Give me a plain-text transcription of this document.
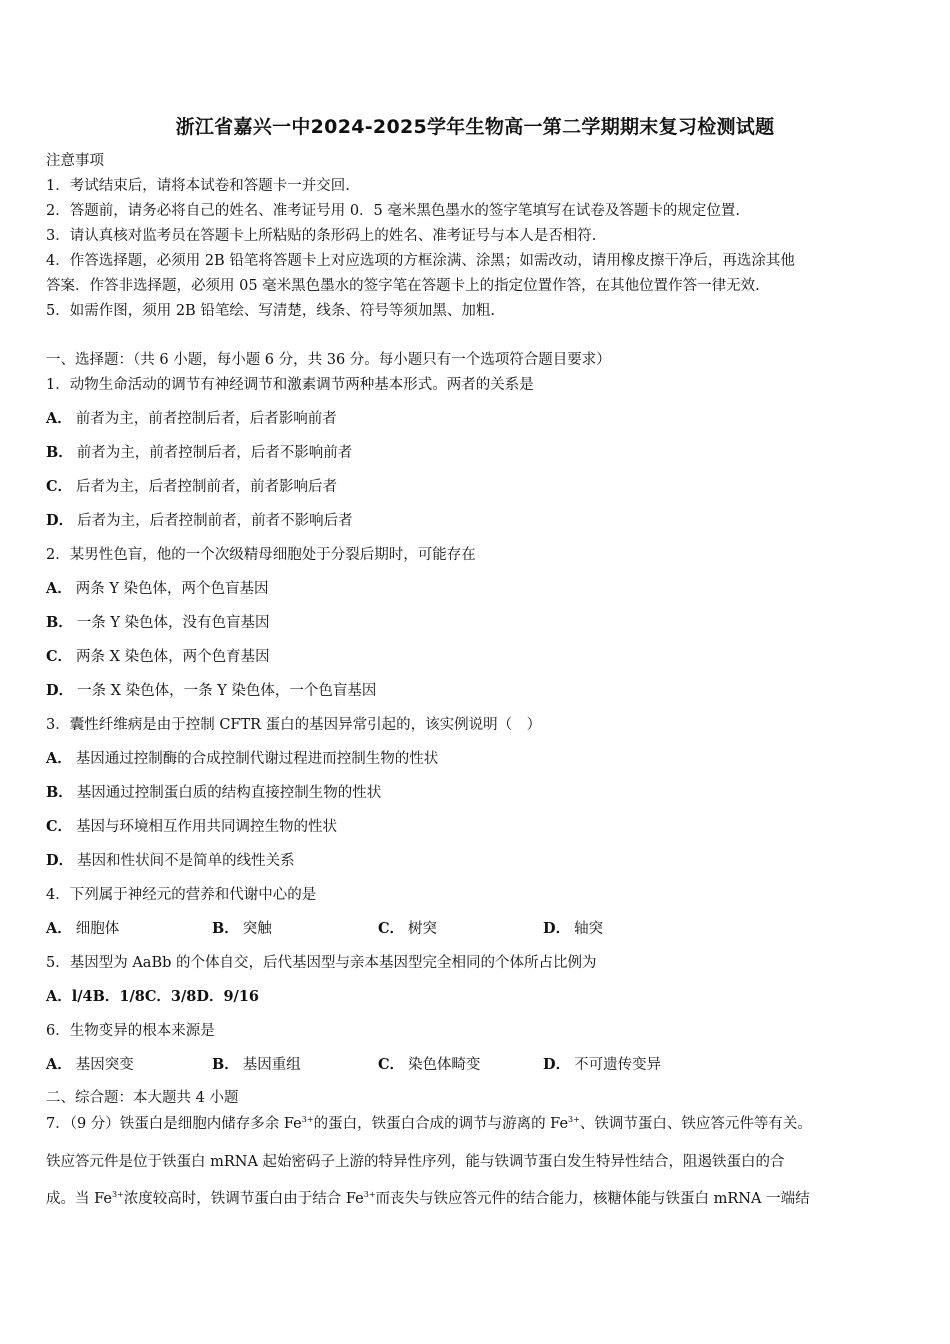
浙江省嘉兴一中2024-2025学年生物高一第二学期期末复习检测试题
注意事项
1．考试结束后，请将本试卷和答题卡一并交回.
2．答题前，请务必将自己的姓名、准考证号用 0．5 毫米黑色墨水的签字笔填写在试卷及答题卡的规定位置.
3．请认真核对监考员在答题卡上所粘贴的条形码上的姓名、准考证号与本人是否相符.
4．作答选择题，必须用 2B 铅笔将答题卡上对应选项的方框涂满、涂黑；如需改动，请用橡皮擦干净后，再选涂其他
答案．作答非选择题，必须用 05 毫米黑色墨水的签字笔在答题卡上的指定位置作答，在其他位置作答一律无效.
5．如需作图，须用 2B 铅笔绘、写清楚，线条、符号等须加黑、加粗.
一、选择题：（共 6 小题，每小题 6 分，共 36 分。每小题只有一个选项符合题目要求）
1．动物生命活动的调节有神经调节和激素调节两种基本形式。两者的关系是
A． 前者为主，前者控制后者，后者影响前者
B． 前者为主，前者控制后者，后者不影响前者
C． 后者为主，后者控制前者，前者影响后者
D． 后者为主，后者控制前者，前者不影响后者
2．某男性色盲，他的一个次级精母细胞处于分裂后期时，可能存在
A． 两条 Y 染色体，两个色盲基因
B． 一条 Y 染色体，没有色盲基因
C． 两条 X 染色体，两个色育基因
D． 一条 X 染色体，一条 Y 染色体，一个色盲基因
3．囊性纤维病是由于控制 CFTR 蛋白的基因异常引起的，该实例说明（　）
A． 基因通过控制酶的合成控制代谢过程进而控制生物的性状
B． 基因通过控制蛋白质的结构直接控制生物的性状
C． 基因与环境相互作用共同调控生物的性状
D． 基因和性状间不是简单的线性关系
4．下列属于神经元的营养和代谢中心的是
A． 细胞体	B． 突触	C． 树突	D． 轴突
5．基因型为 AaBb 的个体自交，后代基因型与亲本基因型完全相同的个体所占比例为
A．l/4B．1/8C．3/8D．9/16
6．生物变异的根本来源是
A． 基因突变	B． 基因重组	C． 染色体畸变	D． 不可遗传变异
二、综合题：本大题共 4 小题
7．（9 分）铁蛋白是细胞内储存多余 $Fe^{3+}$的蛋白，铁蛋白合成的调节与游离的 $Fe^{3+}$、铁调节蛋白、铁应答元件等有关。
铁应答元件是位于铁蛋白 mRNA 起始密码子上游的特异性序列，能与铁调节蛋白发生特异性结合，阻遏铁蛋白的合
成。当 $Fe^{3+}$浓度较高时，铁调节蛋白由于结合 $Fe^{3+}$而丧失与铁应答元件的结合能力，核糖体能与铁蛋白 mRNA 一端结
